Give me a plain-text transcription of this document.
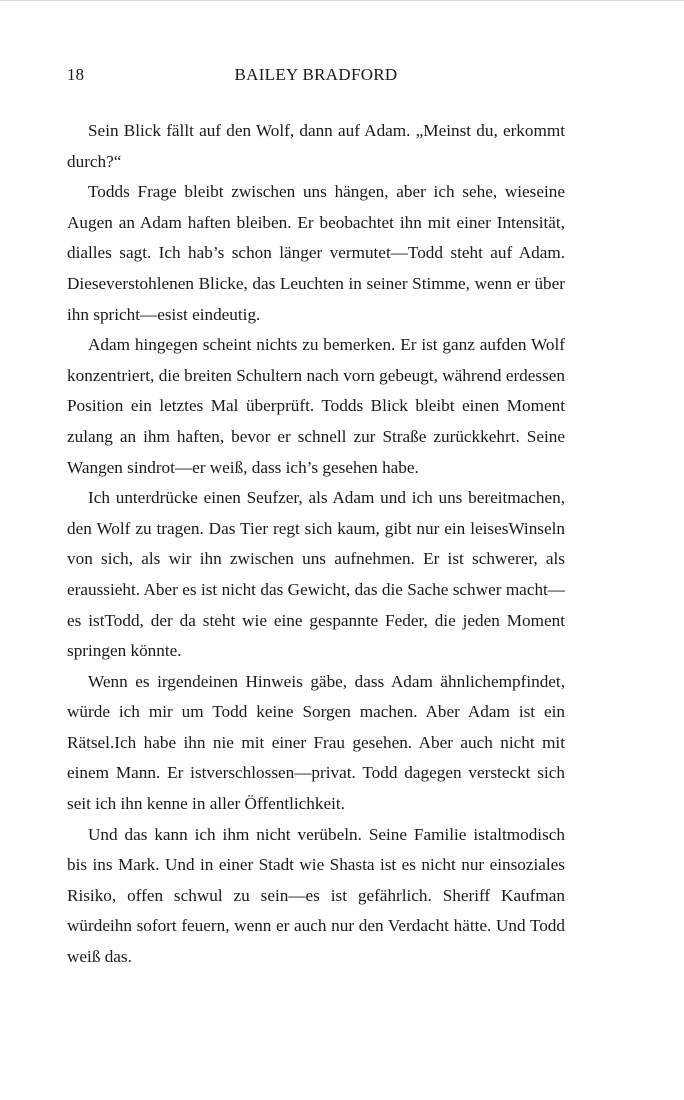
18	BAILEY BRADFORD

Sein Blick fällt auf den Wolf, dann auf Adam. „Meinst du, erkommt durch?“

Todds Frage bleibt zwischen uns hängen, aber ich sehe, wieseine Augen an Adam haften bleiben. Er beobachtet ihn mit einer Intensität, dialles sagt. Ich hab’s schon länger vermutet—Todd steht auf Adam. Dieseverstohlenen Blicke, das Leuchten in seiner Stimme, wenn er über ihn spricht—esist eindeutig.

Adam hingegen scheint nichts zu bemerken. Er ist ganz aufden Wolf konzentriert, die breiten Schultern nach vorn gebeugt, während erdessen Position ein letztes Mal überprüft. Todds Blick bleibt einen Moment zulang an ihm haften, bevor er schnell zur Straße zurückkehrt. Seine Wangen sindrot—er weiß, dass ich’s gesehen habe.

Ich unterdrücke einen Seufzer, als Adam und ich uns bereitmachen, den Wolf zu tragen. Das Tier regt sich kaum, gibt nur ein leisesWinseln von sich, als wir ihn zwischen uns aufnehmen. Er ist schwerer, als eraussieht. Aber es ist nicht das Gewicht, das die Sache schwer macht—es istTodd, der da steht wie eine gespannte Feder, die jeden Moment springen könnte.

Wenn es irgendeinen Hinweis gäbe, dass Adam ähnlichempfindet, würde ich mir um Todd keine Sorgen machen. Aber Adam ist ein Rätsel.Ich habe ihn nie mit einer Frau gesehen. Aber auch nicht mit einem Mann. Er istverschlossen—privat. Todd dagegen versteckt sich seit ich ihn kenne in aller Öffentlichkeit.

Und das kann ich ihm nicht verübeln. Seine Familie istaltmodisch bis ins Mark. Und in einer Stadt wie Shasta ist es nicht nur einsoziales Risiko, offen schwul zu sein—es ist gefährlich. Sheriff Kaufman würdeihn sofort feuern, wenn er auch nur den Verdacht hätte. Und Todd weiß das.
